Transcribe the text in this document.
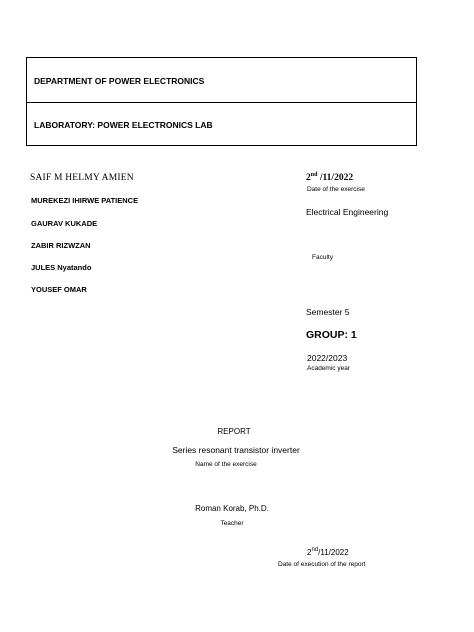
DEPARTMENT OF POWER ELECTRONICS
LABORATORY: POWER ELECTRONICS LAB
SAIF M HELMY AMIEN
MUREKEZI IHIRWE PATIENCE
GAURAV KUKADE
ZABIR RIZWZAN
JULES Nyatando
YOUSEF OMAR
2nd /11/2022
Date of the exercise
Electrical Engineering
Faculty
Semester 5
GROUP: 1
2022/2023
Academic year
REPORT
Series resonant transistor inverter
Name of the exercise
Roman Korab, Ph.D.
Teacher
2nd/11/2022
Date of execution of the report
